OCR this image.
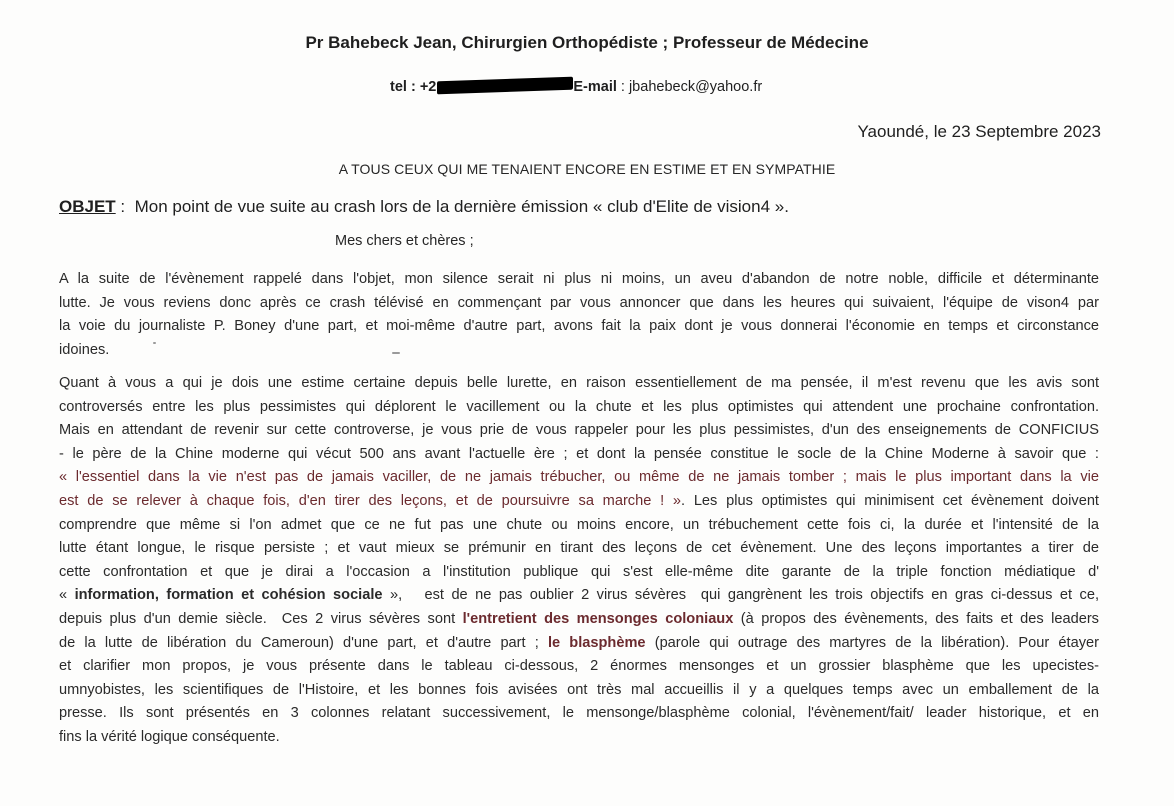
Pr Bahebeck Jean, Chirurgien Orthopédiste ; Professeur de Médecine
tel : +2	E-mail : jbahebeck@yahoo.fr
Yaoundé, le 23 Septembre 2023
A TOUS CEUX QUI ME TENAIENT ENCORE EN ESTIME ET EN SYMPATHIE
OBJET :  Mon point de vue suite au crash lors de la dernière émission « club d'Elite de vision4 ».
Mes chers et chères ;
A la suite de l'évènement rappelé dans l'objet, mon silence serait ni plus ni moins, un aveu d'abandon de notre noble, difficile et déterminante
lutte. Je vous reviens donc après ce crash télévisé en commençant par vous annoncer que dans les heures qui suivaient, l'équipe de vison4 par
la voie du journaliste P. Boney d'une part, et moi-même d'autre part, avons fait la paix dont je vous donnerai l'économie en temps et circonstance
idoines.
Quant à vous a qui je dois une estime certaine depuis belle lurette, en raison essentiellement de ma pensée, il m'est revenu que les avis sont
controversés entre les plus pessimistes qui déplorent le vacillement ou la chute et les plus optimistes qui attendent une prochaine confrontation.
Mais en attendant de revenir sur cette controverse, je vous prie de vous rappeler pour les plus pessimistes, d'un des enseignements de CONFICIUS
- le père de la Chine moderne qui vécut 500 ans avant l'actuelle ère ; et dont la pensée constitue le socle de la Chine Moderne à savoir que :
« l'essentiel dans la vie n'est pas de jamais vaciller, de ne jamais trébucher, ou même de ne jamais tomber ; mais le plus important dans la vie
est de se relever à chaque fois, d'en tirer des leçons, et de poursuivre sa marche ! ». Les plus optimistes qui minimisent cet évènement doivent
comprendre que même si l'on admet que ce ne fut pas une chute ou moins encore, un trébuchement cette fois ci, la durée et l'intensité de la
lutte étant longue, le risque persiste ; et vaut mieux se prémunir en tirant des leçons de cet évènement. Une des leçons importantes a tirer de
cette confrontation et que je dirai a l'occasion a l'institution publique qui s'est elle-même dite garante de la triple fonction médiatique d'
« information, formation et cohésion sociale »,   est de ne pas oublier 2 virus sévères  qui gangrènent les trois objectifs en gras ci-dessus et ce,
depuis plus d'un demie siècle.  Ces 2 virus sévères sont l'entretient des mensonges coloniaux (à propos des évènements, des faits et des leaders
de la lutte de libération du Cameroun) d'une part, et d'autre part ; le blasphème (parole qui outrage des martyres de la libération). Pour étayer
et clarifier mon propos, je vous présente dans le tableau ci-dessous, 2 énormes mensonges et un grossier blasphème que les upecistes-
umnyobistes, les scientifiques de l'Histoire, et les bonnes fois avisées ont très mal accueillis il y a quelques temps avec un emballement de la
presse. Ils sont présentés en 3 colonnes relatant successivement, le mensonge/blasphème colonial, l'évènement/fait/ leader historique, et en
fins la vérité logique conséquente.
